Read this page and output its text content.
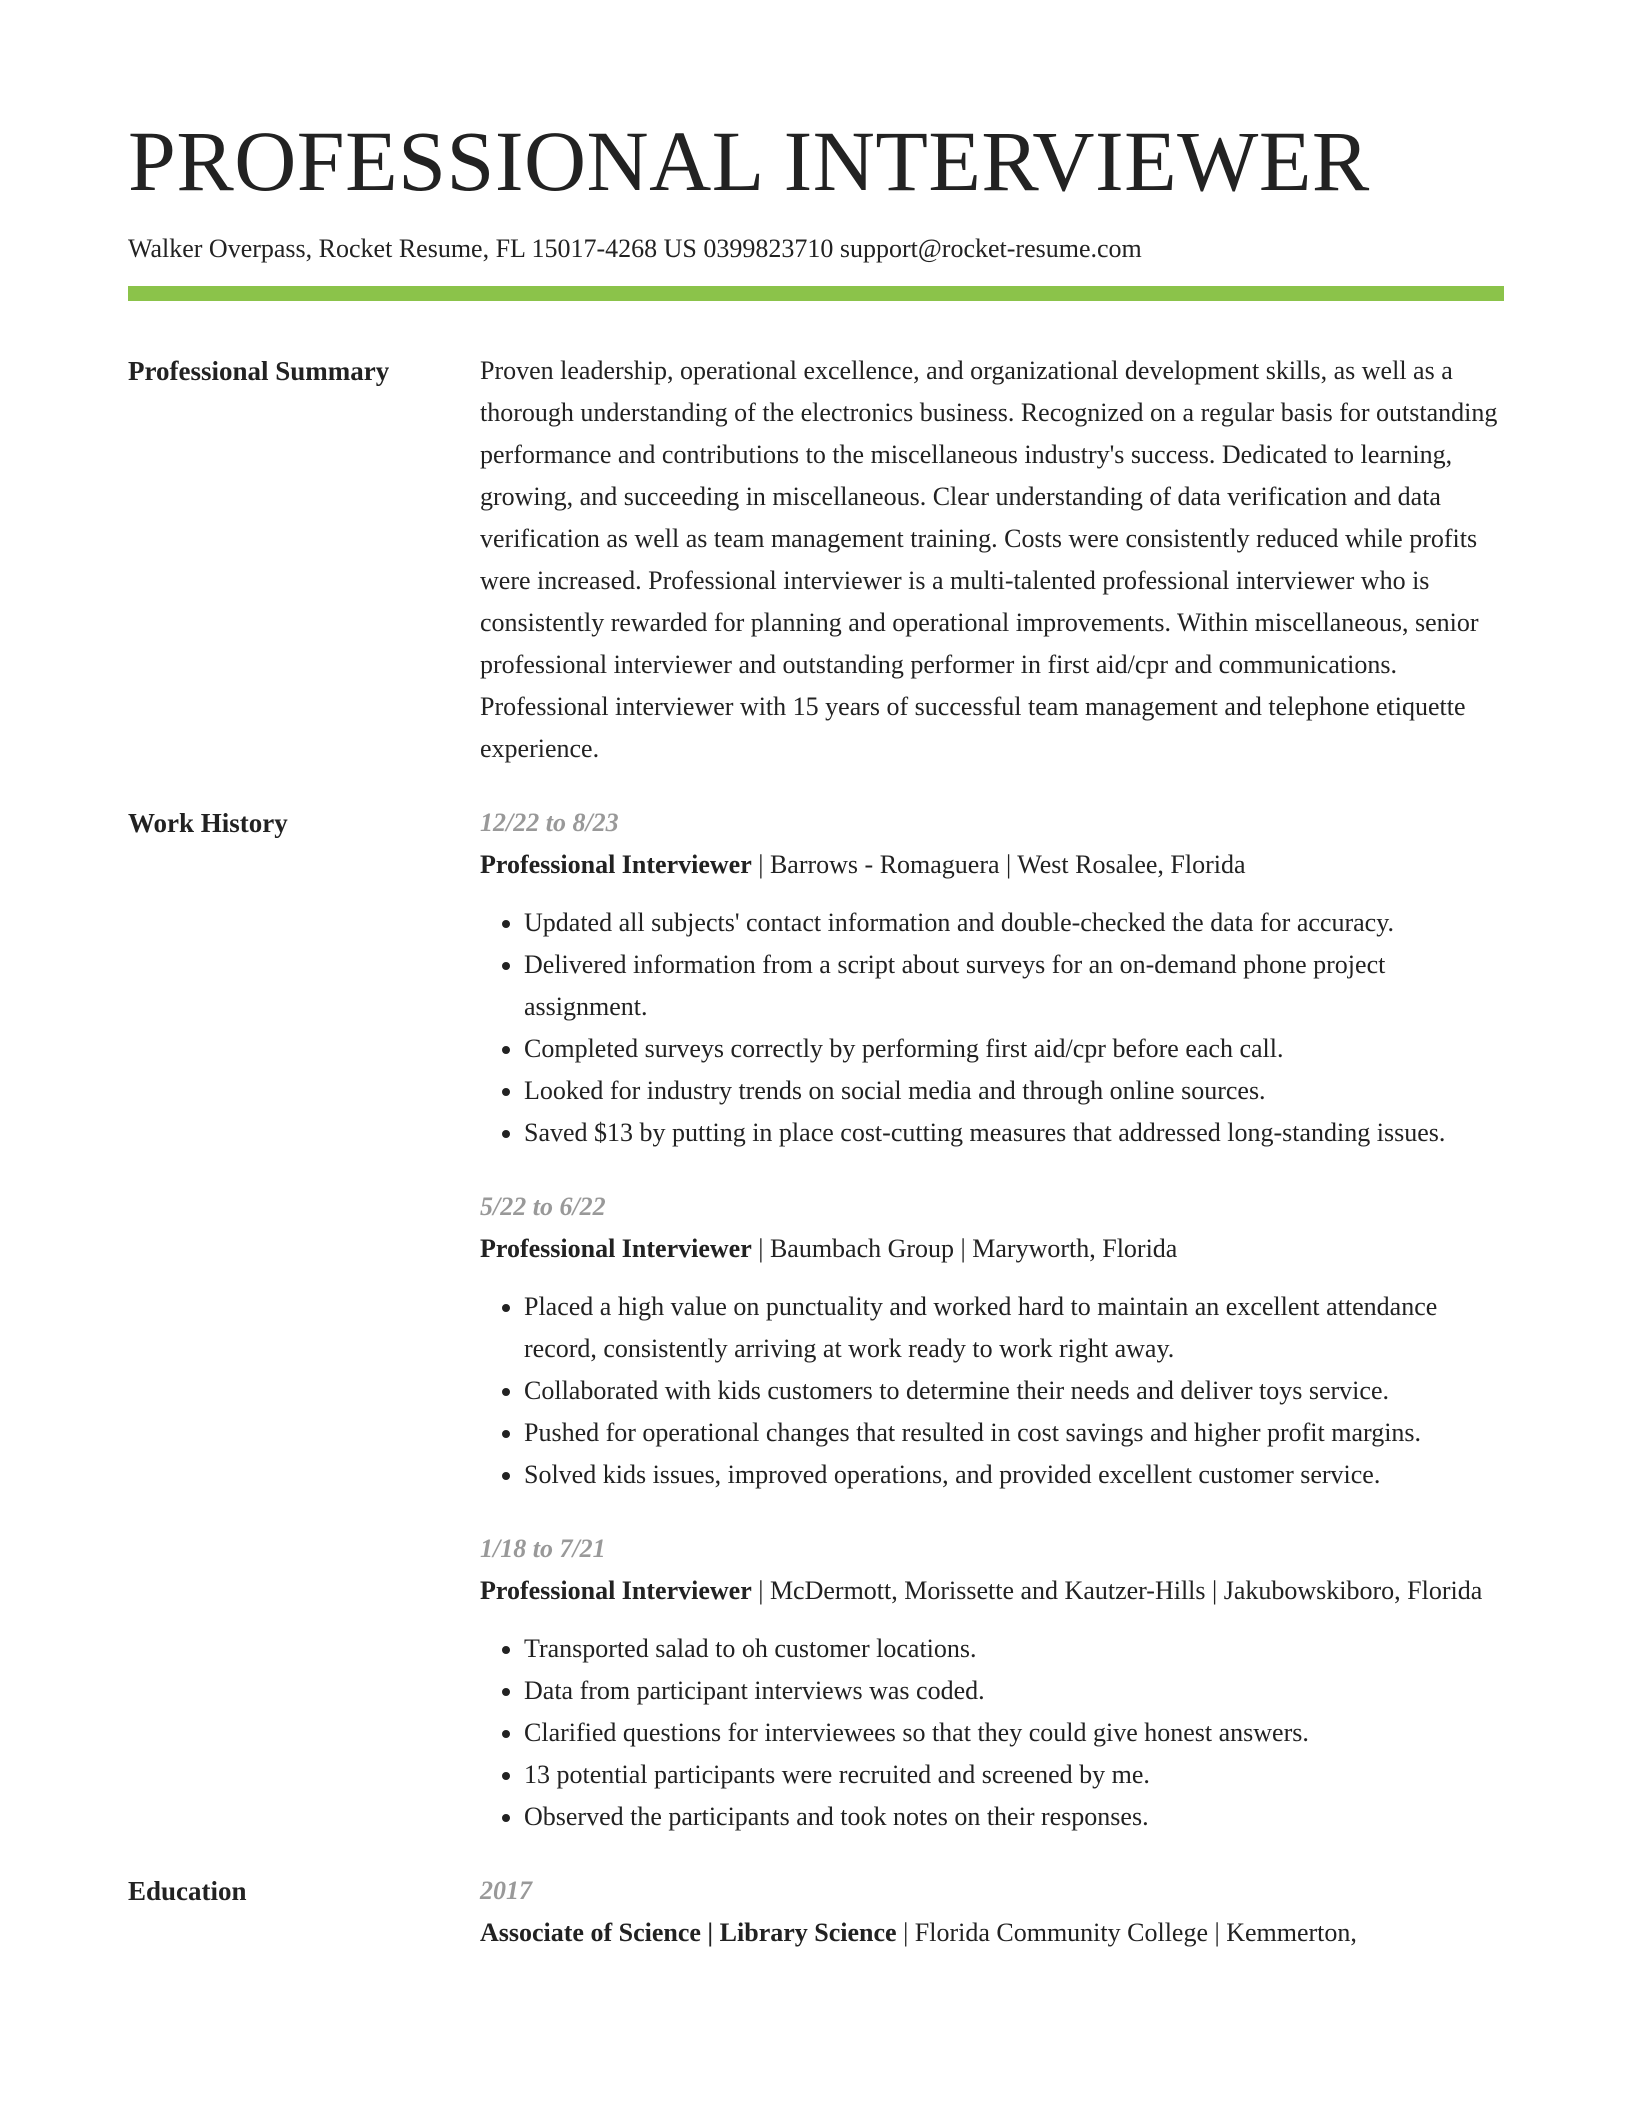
PROFESSIONAL INTERVIEWER
Walker Overpass, Rocket Resume, FL 15017-4268 US 0399823710 support@rocket-resume.com
Professional Summary	Proven leadership, operational excellence, and organizational development skills, as well as a thorough understanding of the electronics business. Recognized on a regular basis for outstanding performance and contributions to the miscellaneous industry's success. Dedicated to learning, growing, and succeeding in miscellaneous. Clear understanding of data verification and data verification as well as team management training. Costs were consistently reduced while profits were increased. Professional interviewer is a multi-talented professional interviewer who is consistently rewarded for planning and operational improvements. Within miscellaneous, senior professional interviewer and outstanding performer in first aid/cpr and communications. Professional interviewer with 15 years of successful team management and telephone etiquette experience.

Work History	12/22 to 8/23
Professional Interviewer | Barrows - Romaguera | West Rosalee, Florida
• Updated all subjects' contact information and double-checked the data for accuracy.
• Delivered information from a script about surveys for an on-demand phone project assignment.
• Completed surveys correctly by performing first aid/cpr before each call.
• Looked for industry trends on social media and through online sources.
• Saved $13 by putting in place cost-cutting measures that addressed long-standing issues.
5/22 to 6/22
Professional Interviewer | Baumbach Group | Maryworth, Florida
• Placed a high value on punctuality and worked hard to maintain an excellent attendance record, consistently arriving at work ready to work right away.
• Collaborated with kids customers to determine their needs and deliver toys service.
• Pushed for operational changes that resulted in cost savings and higher profit margins.
• Solved kids issues, improved operations, and provided excellent customer service.
1/18 to 7/21
Professional Interviewer | McDermott, Morissette and Kautzer-Hills | Jakubowskiboro, Florida
• Transported salad to oh customer locations.
• Data from participant interviews was coded.
• Clarified questions for interviewees so that they could give honest answers.
• 13 potential participants were recruited and screened by me.
• Observed the participants and took notes on their responses.
Education	2017
Associate of Science | Library Science | Florida Community College | Kemmerton,
